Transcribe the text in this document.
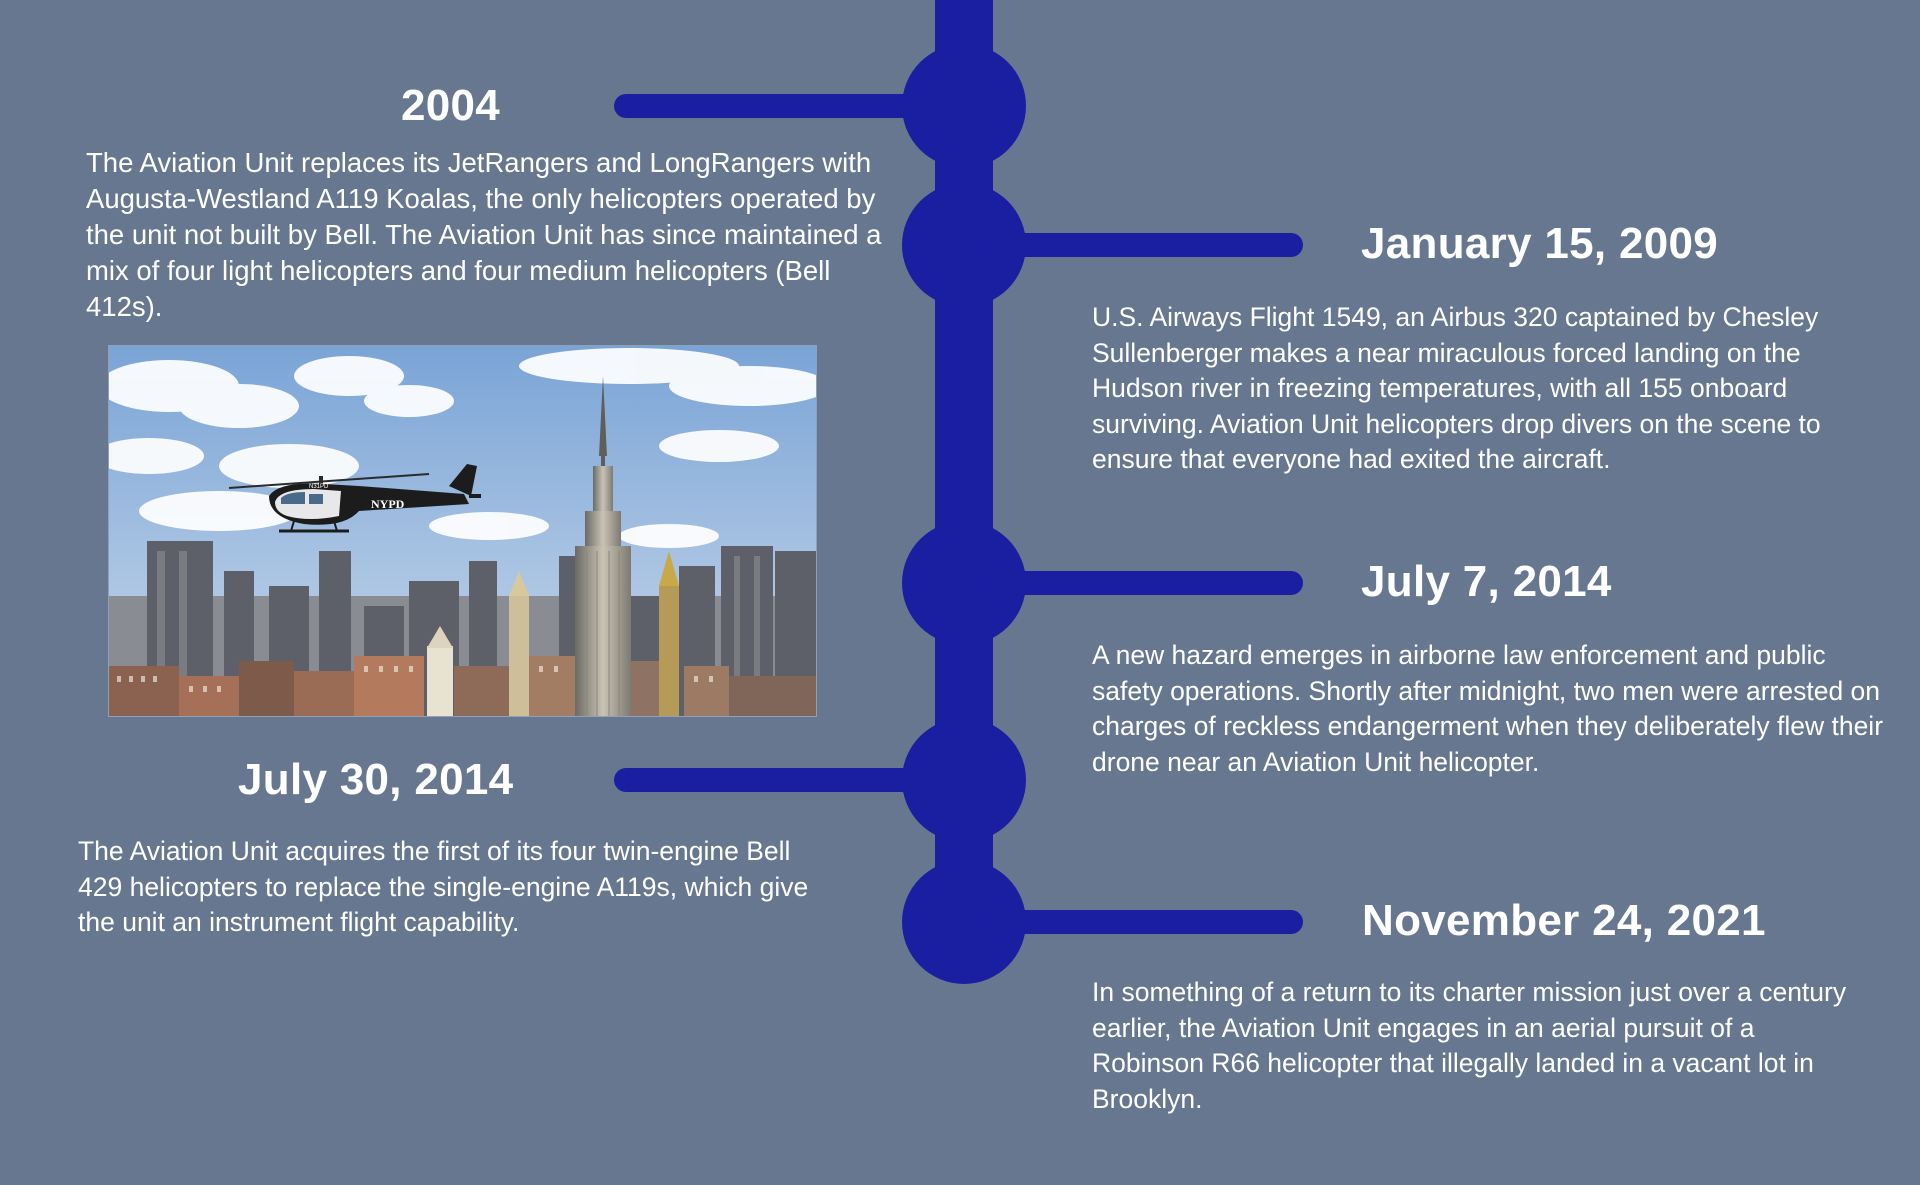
2004

The Aviation Unit replaces its JetRangers and LongRangers with Augusta-Westland A119 Koalas, the only helicopters operated by the unit not built by Bell. The Aviation Unit has since maintained a mix of four light helicopters and four medium helicopters (Bell 412s).

NYPD
N31PD
July 30, 2014

The Aviation Unit acquires the first of its four twin-engine Bell 429 helicopters to replace the single-engine A119s, which give the unit an instrument flight capability.

January 15, 2009

U.S. Airways Flight 1549, an Airbus 320 captained by Chesley Sullenberger makes a near miraculous forced landing on the Hudson river in freezing temperatures, with all 155 onboard surviving. Aviation Unit helicopters drop divers on the scene to ensure that everyone had exited the aircraft.

July 7, 2014

A new hazard emerges in airborne law enforcement and public safety operations. Shortly after midnight, two men were arrested on charges of reckless endangerment when they deliberately flew their drone near an Aviation Unit helicopter.

November 24, 2021

In something of a return to its charter mission just over a century earlier, the Aviation Unit engages in an aerial pursuit of a Robinson R66 helicopter that illegally landed in a vacant lot in Brooklyn.
